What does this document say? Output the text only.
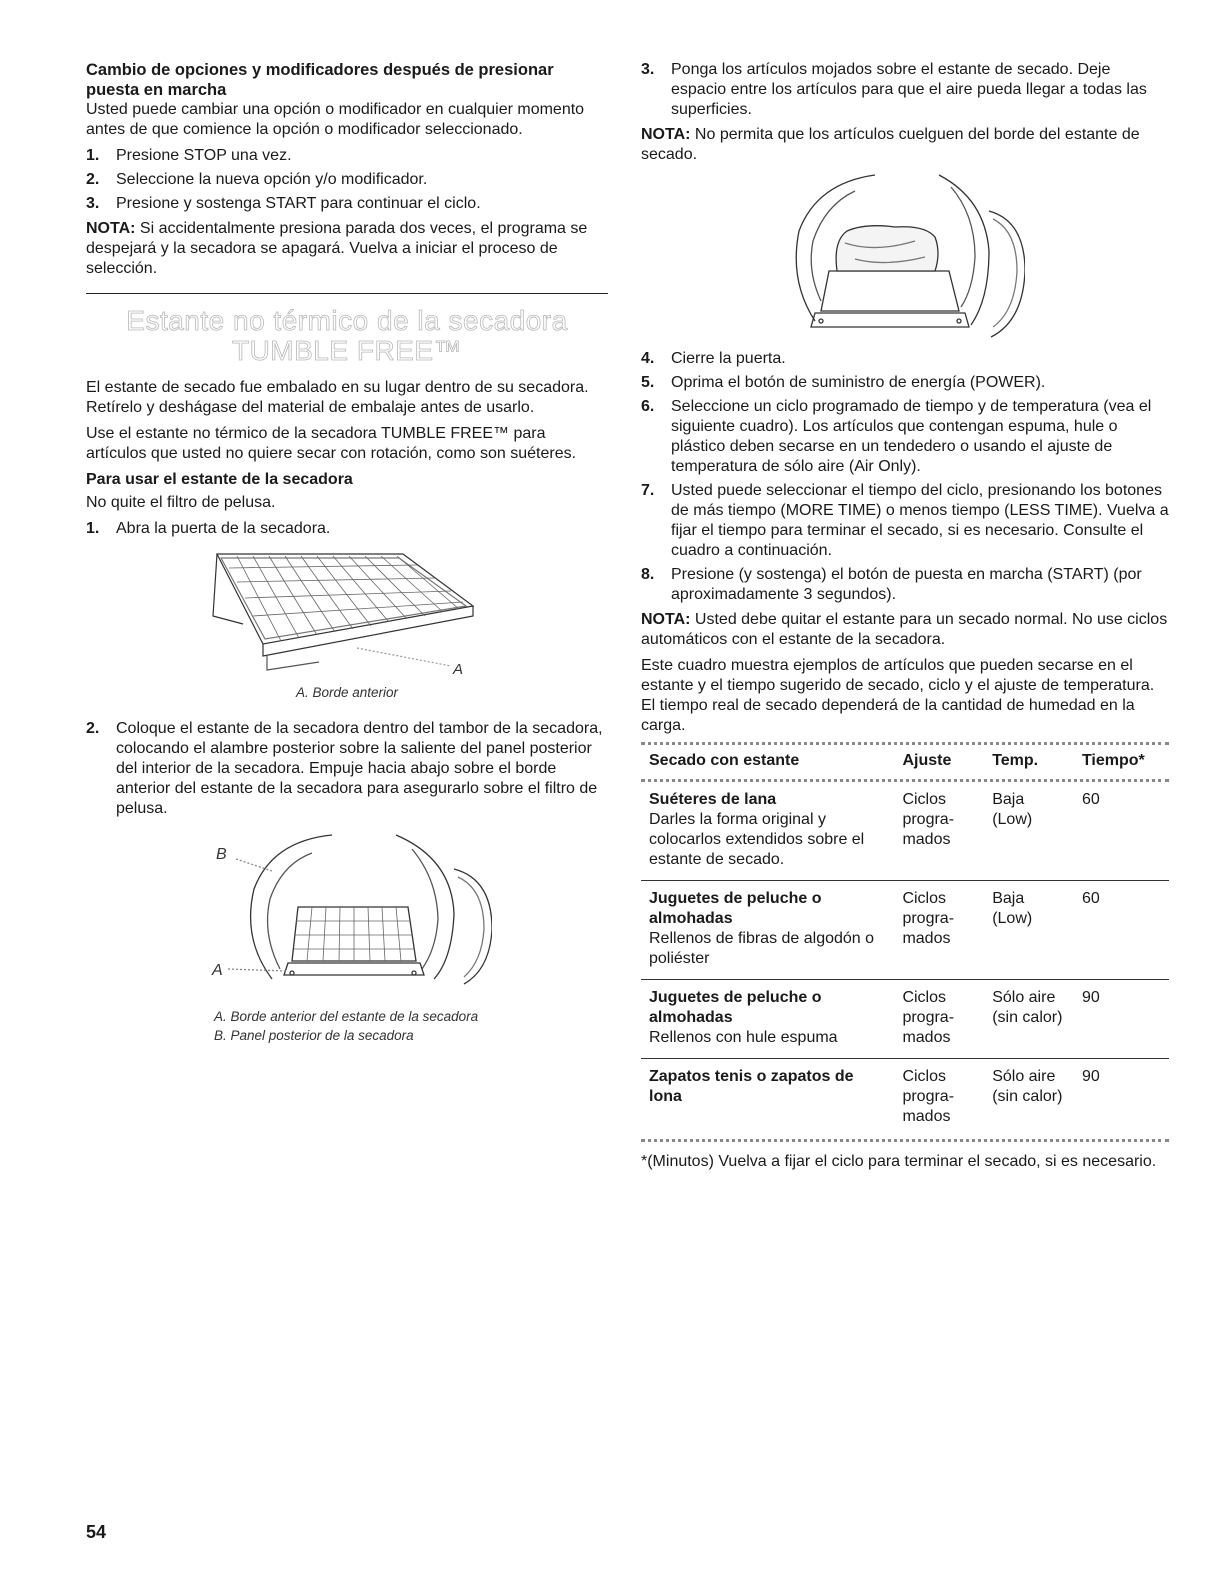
Cambio de opciones y modificadores después de presionar puesta en marcha

Usted puede cambiar una opción o modificador en cualquier momento antes de que comience la opción o modificador seleccionado.

1. Presione STOP una vez.
2. Seleccione la nueva opción y/o modificador.
3. Presione y sostenga START para continuar el ciclo.

NOTA: Si accidentalmente presiona parada dos veces, el programa se despejará y la secadora se apagará. Vuelva a iniciar el proceso de selección.

Estante no térmico de la secadora TUMBLE FREE™

El estante de secado fue embalado en su lugar dentro de su secadora. Retírelo y deshágase del material de embalaje antes de usarlo.

Use el estante no térmico de la secadora TUMBLE FREE™ para artículos que usted no quiere secar con rotación, como son suéteres.

Para usar el estante de la secadora

No quite el filtro de pelusa.

1. Abra la puerta de la secadora.
A
A. Borde anterior
2. Coloque el estante de la secadora dentro del tambor de la secadora, colocando el alambre posterior sobre la saliente del panel posterior del interior de la secadora. Empuje hacia abajo sobre el borde anterior del estante de la secadora para asegurarlo sobre el filtro de pelusa.
B
A
A. Borde anterior del estante de la secadora
B. Panel posterior de la secadora
3. Ponga los artículos mojados sobre el estante de secado. Deje espacio entre los artículos para que el aire pueda llegar a todas las superficies.

NOTA: No permita que los artículos cuelguen del borde del estante de secado.

4. Cierre la puerta.
5. Oprima el botón de suministro de energía (POWER).
6. Seleccione un ciclo programado de tiempo y de temperatura (vea el siguiente cuadro). Los artículos que contengan espuma, hule o plástico deben secarse en un tendedero o usando el ajuste de temperatura de sólo aire (Air Only).
7. Usted puede seleccionar el tiempo del ciclo, presionando los botones de más tiempo (MORE TIME) o menos tiempo (LESS TIME). Vuelva a fijar el tiempo para terminar el secado, si es necesario. Consulte el cuadro a continuación.
8. Presione (y sostenga) el botón de puesta en marcha (START) (por aproximadamente 3 segundos).

NOTA: Usted debe quitar el estante para un secado normal. No use ciclos automáticos con el estante de la secadora.

Este cuadro muestra ejemplos de artículos que pueden secarse en el estante y el tiempo sugerido de secado, ciclo y el ajuste de temperatura. El tiempo real de secado dependerá de la cantidad de humedad en la carga.

Secado con estante	Ajuste	Temp.	Tiempo*

Suéteres de lana
Darles la forma original y colocarlos extendidos sobre el estante de secado.	Ciclos progra-mados	Baja (Low)	60

Juguetes de peluche o almohadas
Rellenos de fibras de algodón o poliéster	Ciclos progra-mados	Baja (Low)	60

Juguetes de peluche o almohadas
Rellenos con hule espuma	Ciclos progra-mados	Sólo aire (sin calor)	90

Zapatos tenis o zapatos de lona	Ciclos progra-mados	Sólo aire (sin calor)	90

*(Minutos) Vuelva a fijar el ciclo para terminar el secado, si es necesario.

54
